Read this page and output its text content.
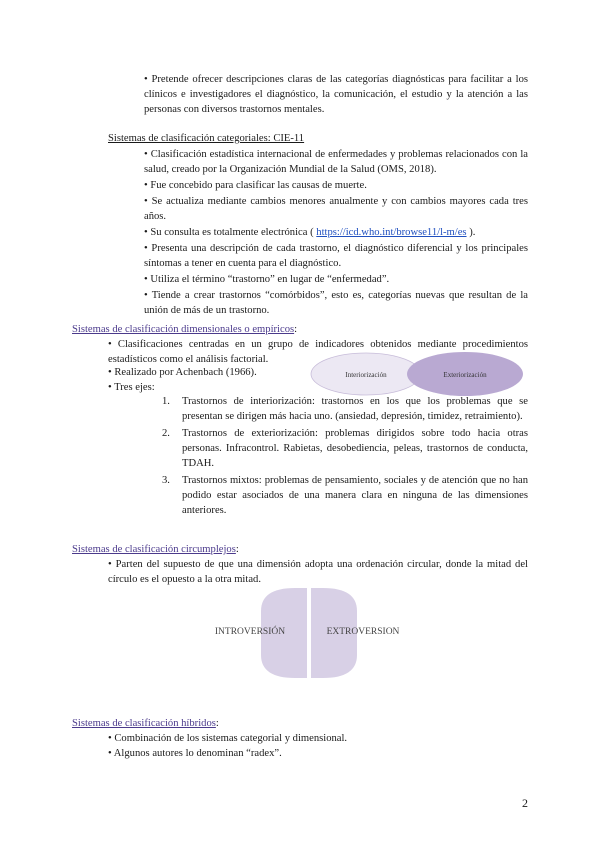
• Pretende ofrecer descripciones claras de las categorías diagnósticas para facilitar a los clínicos e investigadores el diagnóstico, la comunicación, el estudio y la atención a las personas con diversos trastornos mentales.
Sistemas de clasificación categoriales: CIE-11

• Clasificación estadística internacional de enfermedades y problemas relacionados con la salud, creado por la Organización Mundial de la Salud (OMS, 2018).

• Fue concebido para clasificar las causas de muerte.

• Se actualiza mediante cambios menores anualmente y con cambios mayores cada tres años.

• Su consulta es totalmente electrónica ( https://icd.who.int/browse11/l-m/es ).

• Presenta una descripción de cada trastorno, el diagnóstico diferencial y los principales síntomas a tener en cuenta para el diagnóstico.

• Utiliza el término “trastorno” en lugar de “enfermedad”.

• Tiende a crear trastornos “comórbidos”, esto es, categorías nuevas que resultan de la unión de más de un trastorno.

Sistemas de clasificación dimensionales o empíricos:
• Clasificaciones centradas en un grupo de indicadores obtenidos mediante procedimientos estadísticos como el análisis factorial.
• Realizado por Achenbach (1966).
• Tres ejes:
Interiorización	Exteriorización
1. Trastornos de interiorización: trastornos en los que los problemas que se presentan se dirigen más hacia uno. (ansiedad, depresión, timidez, retraimiento).
2. Trastornos de exteriorización: problemas dirigidos sobre todo hacia otras personas. Infracontrol. Rabietas, desobediencia, peleas, trastornos de conducta, TDAH.
3. Trastornos mixtos: problemas de pensamiento, sociales y de atención que no han podido estar asociados de una manera clara en ninguna de las dimensiones anteriores.
Sistemas de clasificación circumplejos:
• Parten del supuesto de que una dimensión adopta una ordenación circular, donde la mitad del círculo es el opuesto a la otra mitad.
INTROVERSIÓN	EXTROVERSION
Sistemas de clasificación híbridos:
• Combinación de los sistemas categorial y dimensional.
• Algunos autores lo denominan “radex”.
2
